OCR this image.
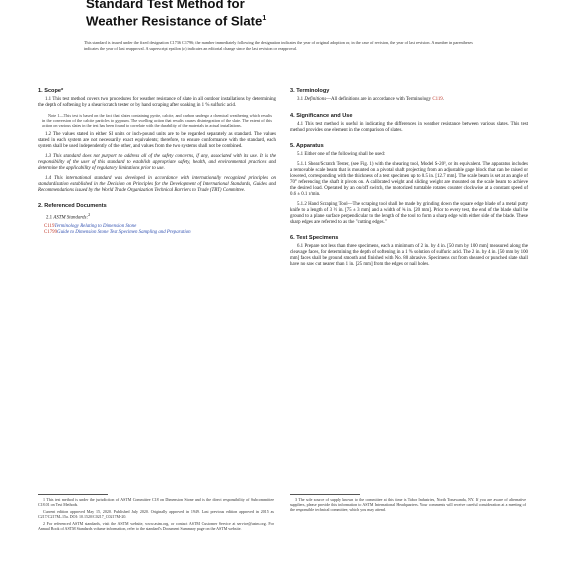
Standard Test Method for
Weather Resistance of Slate$^1$
This standard is issued under the fixed designation C1736 C1796; the number immediately following the designation indicates the year of original adoption or, in the case of revision, the year of last revision. A number in parentheses indicates the year of last reapproval. A superscript epsilon (ε) indicates an editorial change since the last revision or reapproval.
1. Scope*

1.1 This test method covers two procedures for weather resistance of slate in all outdoor installations by determining the depth of softening by a shear/scratch tester or by hand scraping after soaking in 1 % sulfuric acid.

Note 1—This test is based on the fact that slates containing pyrite, calcite, and carbon undergo a chemical weathering which results in the conversion of the calcite particles to gypsum. The swelling action that results causes disintegration of the slate. The extent of this action on various slates in the test has been found to correlate with the durability of the materials in actual installations.

1.2 The values stated in either SI units or inch-pound units are to be regarded separately as standard. The values stated in each system are not necessarily exact equivalents; therefore, to ensure conformance with the standard, each system shall be used independently of the other, and values from the two systems shall not be combined.

1.3 This standard does not purport to address all of the safety concerns, if any, associated with its use. It is the responsibility of the user of this standard to establish appropriate safety, health, and environmental practices and determine the applicability of regulatory limitations prior to use.

1.4 This international standard was developed in accordance with internationally recognized principles on standardization established in the Decision on Principles for the Development of International Standards, Guides and Recommendations issued by the World Trade Organization Technical Barriers to Trade (TBT) Committee.

2. Referenced Documents

2.1 ASTM Standards:$^2$

C119Terminology Relating to Dimension Stone
C1799Guide to Dimension Stone Test Specimen Sampling and Preparation
3. Terminology

3.1 Definitions—All definitions are in accordance with Terminology C119.

4. Significance and Use

4.1 This test method is useful in indicating the differences in weather resistance between various slates. This test method provides one element in the comparison of slates.

5. Apparatus

5.1 Either one of the following shall be used:

5.1.1 Shear/Scratch Tester, (see Fig. 1) with the shearing tool, Model S-20³, or its equivalent. The apparatus includes a removable scale beam that is mounted on a pivotal shaft projecting from an adjustable gage block that can be raised or lowered, corresponding with the thickness of a test specimen up to 0.5 in. [12.7 mm]. The scale beam is set at an angle of 70° referencing the shaft it pivots on. A calibrated weight and sliding weight are mounted on the scale beam to achieve the desired load. Operated by an on/off switch, the motorized turntable rotates counter clockwise at a constant speed of 0.6 ± 0.1 r/min.

5.1.2 Hand Scraping Tool—The scraping tool shall be made by grinding down the square edge blade of a metal putty knife to a length of 3 ½ in. [75 ± 3 mm] and a width of ¾ in. [20 mm]. Prior to every test, the end of the blade shall be ground to a plane surface perpendicular to the length of the tool to form a sharp edge with either side of the blade. These sharp edges are referred to as the "cutting edges."

6. Test Specimens

6.1 Prepare not less than three specimens, each a minimum of 2 in. by 4 in. [50 mm by 100 mm] measured along the cleavage faces, for determining the depth of softening in a 1 % solution of sulfuric acid. The 2 in. by 4 in. [50 mm by 100 mm] faces shall be ground smooth and finished with No. 80 abrasive. Specimens cut from sheared or punched slate shall have no saw cut nearer than 1 in. [25 mm] from the edges or nail holes.

1 This test method is under the jurisdiction of ASTM Committee C18 on Dimension Stone and is the direct responsibility of Subcommittee C18.01 on Test Methods.

Current edition approved May 15, 2020. Published July 2020. Originally approved in 1949. Last previous edition approved in 2015 as C217/C217M–15a. DOI: 10.1520/C0217_C0217M-20.

2 For referenced ASTM standards, visit the ASTM website, www.astm.org, or contact ASTM Customer Service at service@astm.org. For Annual Book of ASTM Standards volume information, refer to the standard's Document Summary page on the ASTM website.

3 The sole source of supply known to the committee at this time is Tabor Industries, North Tonawanda, NY. If you are aware of alternative suppliers, please provide this information to ASTM International Headquarters. Your comments will receive careful consideration at a meeting of the responsible technical committee, which you may attend.
